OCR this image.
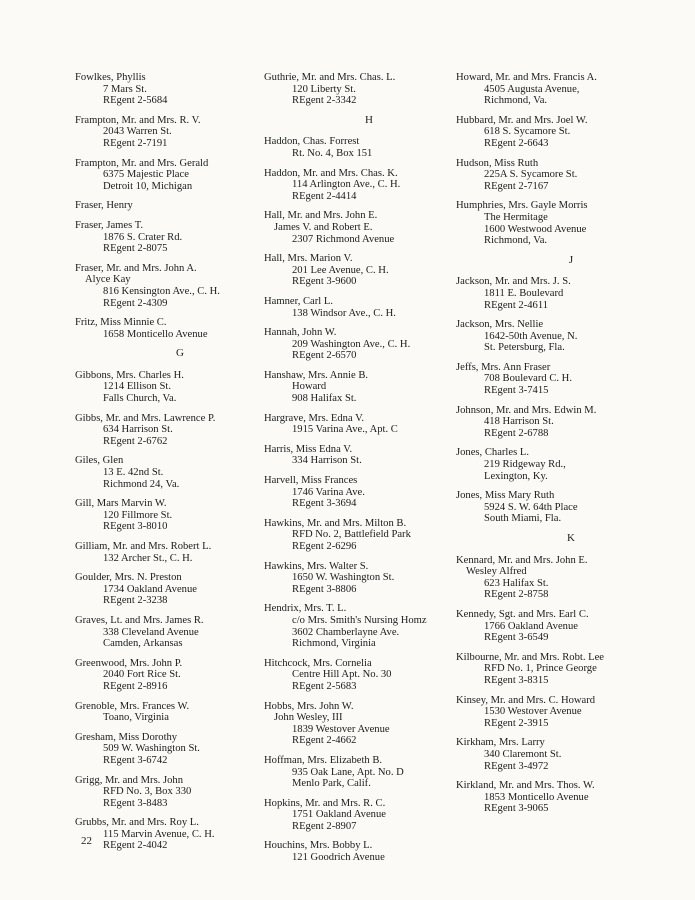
Fowlkes, Phyllis
7 Mars St.
REgent 2-5684
Frampton, Mr. and Mrs. R. V.
2043 Warren St.
REgent 2-7191
Frampton, Mr. and Mrs. Gerald
6375 Majestic Place
Detroit 10, Michigan
Fraser, Henry
Fraser, James T.
1876 S. Crater Rd.
REgent 2-8075
Fraser, Mr. and Mrs. John A.
Alyce Kay
816 Kensington Ave., C. H.
REgent 2-4309
Fritz, Miss Minnie C.
1658 Monticello Avenue
G
Gibbons, Mrs. Charles H.
1214 Ellison St.
Falls Church, Va.
Gibbs, Mr. and Mrs. Lawrence P.
634 Harrison St.
REgent 2-6762
Giles, Glen
13 E. 42nd St.
Richmond 24, Va.
Gill, Mars Marvin W.
120 Fillmore St.
REgent 3-8010
Gilliam, Mr. and Mrs. Robert L.
132 Archer St., C. H.
Goulder, Mrs. N. Preston
1734 Oakland Avenue
REgent 2-3238
Graves, Lt. and Mrs. James R.
338 Cleveland Avenue
Camden, Arkansas
Greenwood, Mrs. John P.
2040 Fort Rice St.
REgent 2-8916
Grenoble, Mrs. Frances W.
Toano, Virginia
Gresham, Miss Dorothy
509 W. Washington St.
REgent 3-6742
Grigg, Mr. and Mrs. John
RFD No. 3, Box 330
REgent 3-8483
Grubbs, Mr. and Mrs. Roy L.
115 Marvin Avenue, C. H.
REgent 2-4042
Guthrie, Mr. and Mrs. Chas. L.
120 Liberty St.
REgent 2-3342
H
Haddon, Chas. Forrest
Rt. No. 4, Box 151
Haddon, Mr. and Mrs. Chas. K.
114 Arlington Ave., C. H.
REgent 2-4414
Hall, Mr. and Mrs. John E.
James V. and Robert E.
2307 Richmond Avenue
Hall, Mrs. Marion V.
201 Lee Avenue, C. H.
REgent 3-9600
Hamner, Carl L.
138 Windsor Ave., C. H.
Hannah, John W.
209 Washington Ave., C. H.
REgent 2-6570
Hanshaw, Mrs. Annie B.
Howard
908 Halifax St.
Hargrave, Mrs. Edna V.
1915 Varina Ave., Apt. C
Harris, Miss Edna V.
334 Harrison St.
Harvell, Miss Frances
1746 Varina Ave.
REgent 3-3694
Hawkins, Mr. and Mrs. Milton B.
RFD No. 2, Battlefield Park
REgent 2-6296
Hawkins, Mrs. Walter S.
1650 W. Washington St.
REgent 3-8806
Hendrix, Mrs. T. L.
c/o Mrs. Smith's Nursing Homz
3602 Chamberlayne Ave.
Richmond, Virginia
Hitchcock, Mrs. Cornelia
Centre Hill Apt. No. 30
REgent 2-5683
Hobbs, Mrs. John W.
John Wesley, III
1839 Westover Avenue
REgent 2-4662
Hoffman, Mrs. Elizabeth B.
935 Oak Lane, Apt. No. D
Menlo Park, Calif.
Hopkins, Mr. and Mrs. R. C.
1751 Oakland Avenue
REgent 2-8907
Houchins, Mrs. Bobby L.
121 Goodrich Avenue
Howard, Mr. and Mrs. Francis A.
4505 Augusta Avenue,
Richmond, Va.
Hubbard, Mr. and Mrs. Joel W.
618 S. Sycamore St.
REgent 2-6643
Hudson, Miss Ruth
225A S. Sycamore St.
REgent 2-7167
Humphries, Mrs. Gayle Morris
The Hermitage
1600 Westwood Avenue
Richmond, Va.
J
Jackson, Mr. and Mrs. J. S.
1811 E. Boulevard
REgent 2-4611
Jackson, Mrs. Nellie
1642-50th Avenue, N.
St. Petersburg, Fla.
Jeffs, Mrs. Ann Fraser
708 Boulevard C. H.
REgent 3-7415
Johnson, Mr. and Mrs. Edwin M.
418 Harrison St.
REgent 2-6788
Jones, Charles L.
219 Ridgeway Rd.,
Lexington, Ky.
Jones, Miss Mary Ruth
5924 S. W. 64th Place
South Miami, Fla.
K
Kennard, Mr. and Mrs. John E.
Wesley Alfred
623 Halifax St.
REgent 2-8758
Kennedy, Sgt. and Mrs. Earl C.
1766 Oakland Avenue
REgent 3-6549
Kilbourne, Mr. and Mrs. Robt. Lee
RFD No. 1, Prince George
REgent 3-8315
Kinsey, Mr. and Mrs. C. Howard
1530 Westover Avenue
REgent 2-3915
Kirkham, Mrs. Larry
340 Claremont St.
REgent 3-4972
Kirkland, Mr. and Mrs. Thos. W.
1853 Monticello Avenue
REgent 3-9065
22
